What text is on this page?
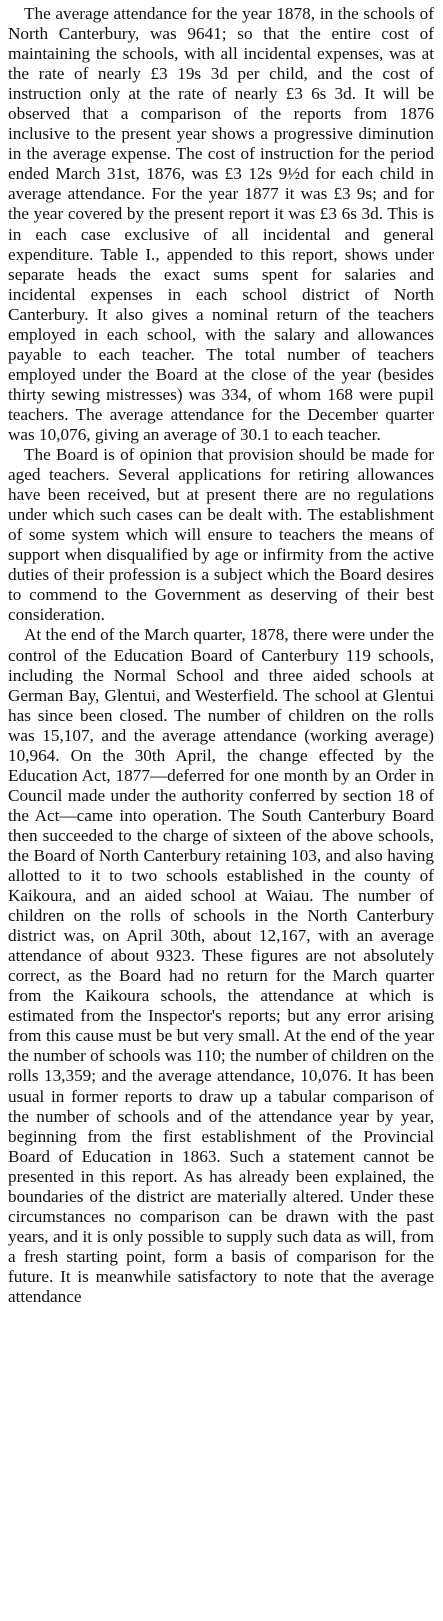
The average attendance for the year 1878, in the schools of North Canterbury, was 9641; so that the entire cost of maintaining the schools, with all incidental expenses, was at the rate of nearly £3 19s 3d per child, and the cost of instruction only at the rate of nearly £3 6s 3d. It will be observed that a comparison of the reports from 1876 inclusive to the present year shows a progressive diminution in the average expense. The cost of instruction for the period ended March 31st, 1876, was £3 12s 9½d for each child in average attendance. For the year 1877 it was £3 9s; and for the year covered by the present report it was £3 6s 3d. This is in each case exclusive of all incidental and general expenditure. Table I., appended to this report, shows under separate heads the exact sums spent for salaries and incidental expenses in each school district of North Canterbury. It also gives a nominal return of the teachers employed in each school, with the salary and allowances payable to each teacher. The total number of teachers employed under the Board at the close of the year (besides thirty sewing mistresses) was 334, of whom 168 were pupil teachers. The average attendance for the December quarter was 10,076, giving an average of 30.1 to each teacher.

The Board is of opinion that provision should be made for aged teachers. Several applications for retiring allowances have been received, but at present there are no regulations under which such cases can be dealt with. The establishment of some system which will ensure to teachers the means of support when disqualified by age or infirmity from the active duties of their profession is a subject which the Board desires to commend to the Government as deserving of their best consideration.

At the end of the March quarter, 1878, there were under the control of the Education Board of Canterbury 119 schools, including the Normal School and three aided schools at German Bay, Glentui, and Westerfield. The school at Glentui has since been closed. The number of children on the rolls was 15,107, and the average attendance (working average) 10,964. On the 30th April, the change effected by the Education Act, 1877—deferred for one month by an Order in Council made under the authority conferred by section 18 of the Act—came into operation. The South Canterbury Board then succeeded to the charge of sixteen of the above schools, the Board of North Canterbury retaining 103, and also having allotted to it to two schools established in the county of Kaikoura, and an aided school at Waiau. The number of children on the rolls of schools in the North Canterbury district was, on April 30th, about 12,167, with an average attendance of about 9323. These figures are not absolutely correct, as the Board had no return for the March quarter from the Kaikoura schools, the attendance at which is estimated from the Inspector's reports; but any error arising from this cause must be but very small. At the end of the year the number of schools was 110; the number of children on the rolls 13,359; and the average attendance, 10,076. It has been usual in former reports to draw up a tabular comparison of the number of schools and of the attendance year by year, beginning from the first establishment of the Provincial Board of Education in 1863. Such a statement cannot be presented in this report. As has already been explained, the boundaries of the district are materially altered. Under these circumstances no comparison can be drawn with the past years, and it is only possible to supply such data as will, from a fresh starting point, form a basis of comparison for the future. It is meanwhile satisfactory to note that the average attendance
